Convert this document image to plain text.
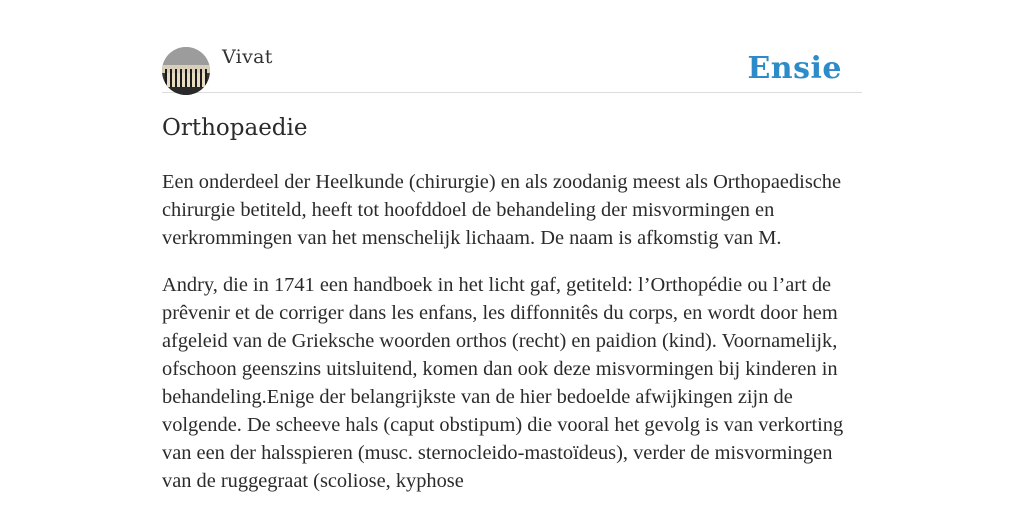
Vivat	Ensie
Orthopaedie

Een onderdeel der Heelkunde (chirurgie) en als zoodanig meest als Orthopaedische chirurgie betiteld, heeft tot hoofddoel de behandeling der misvormingen en verkrommingen van het menschelijk lichaam. De naam is afkomstig van M.

Andry, die in 1741 een handboek in het licht gaf, getiteld: l’Orthopédie ou l’art de prêvenir et de corriger dans les enfans, les diffonnitês du corps, en wordt door hem afgeleid van de Grieksche woorden orthos (recht) en paidion (kind). Voornamelijk, ofschoon geenszins uitsluitend, komen dan ook deze misvormingen bij kinderen in behandeling.Enige der belangrijkste van de hier bedoelde afwijkingen zijn de volgende. De scheeve hals (caput obstipum) die vooral het gevolg is van verkorting van een der halsspieren (musc. sternocleido-mastoïdeus), verder de misvormingen van de ruggegraat (scoliose, kyphose
